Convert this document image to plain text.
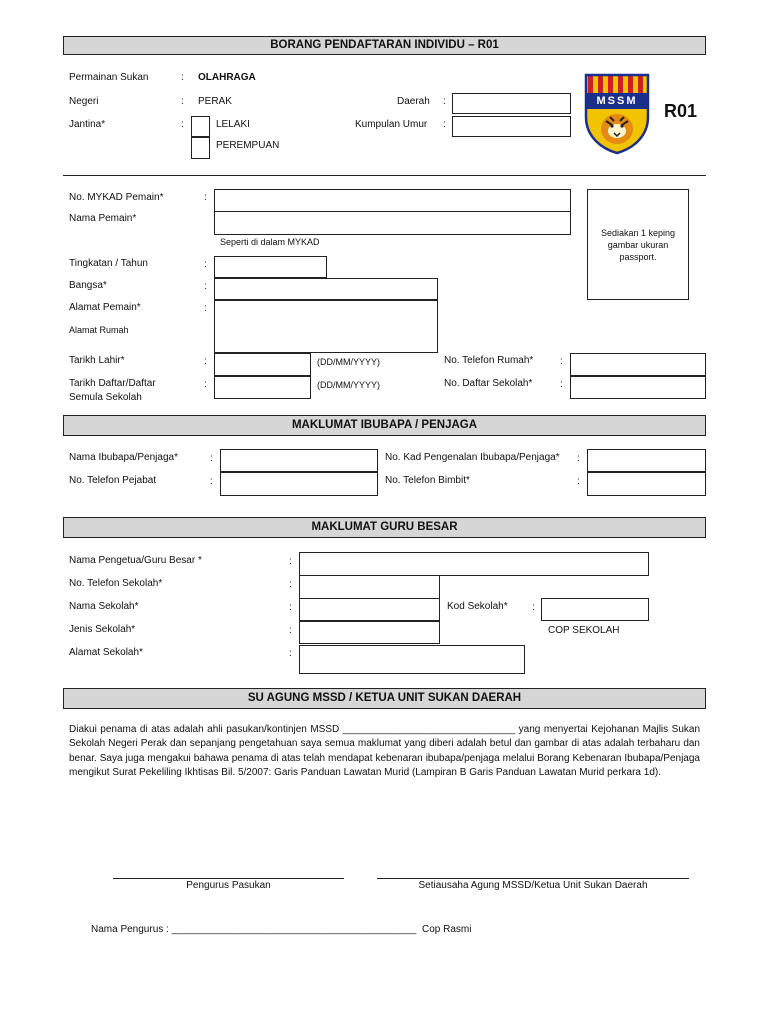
BORANG PENDAFTARAN INDIVIDU – R01
Permainan Sukan	: OLAHRAGA
Negeri	: PERAK	Daerah :
Jantina*	:	LELAKI
PEREMPUAN
Kumpulan Umur :
MSSM	R01
No. MYKAD Pemain*	:
Nama Pemain*
Seperti di dalam MYKAD
Sediakan 1 keping gambar ukuran passport.
Tingkatan / Tahun	:
Bangsa*	:
Alamat Pemain*	:
Alamat Rumah
Tarikh Lahir*	:	(DD/MM/YYYY)	No. Telefon Rumah*	:
Tarikh Daftar/Daftar
Semula Sekolah
:	(DD/MM/YYYY)	No. Daftar Sekolah*	:
MAKLUMAT IBUBAPA / PENJAGA
Nama Ibubapa/Penjaga*	:	No. Kad Pengenalan Ibubapa/Penjaga* :
No. Telefon Pejabat	:	No. Telefon Bimbit*	:
MAKLUMAT GURU BESAR
Nama Pengetua/Guru Besar *	:
No. Telefon Sekolah*	:
Nama Sekolah*	:	Kod Sekolah* :
Jenis Sekolah*	:	COP SEKOLAH
Alamat Sekolah*	:
SU AGUNG MSSD / KETUA UNIT SUKAN DAERAH
Diakui penama di atas adalah ahli pasukan/kontinjen MSSD _______________________________ yang menyertai Kejohanan Majlis Sukan Sekolah Negeri Perak dan sepanjang pengetahuan saya semua maklumat yang diberi adalah betul dan gambar di atas adalah terbaharu dan benar. Saya juga mengakui bahawa penama di atas telah mendapat kebenaran ibubapa/penjaga melalui Borang Kebenaran Ibubapa/Penjaga mengikut Surat Pekeliling Ikhtisas Bil. 5/2007: Garis Panduan Lawatan Murid (Lampiran B Garis Panduan Lawatan Murid perkara 1d).
Pengurus Pasukan	Setiausaha Agung MSSD/Ketua Unit Sukan Daerah
Nama Pengurus : ____________________________________________ Cop Rasmi
